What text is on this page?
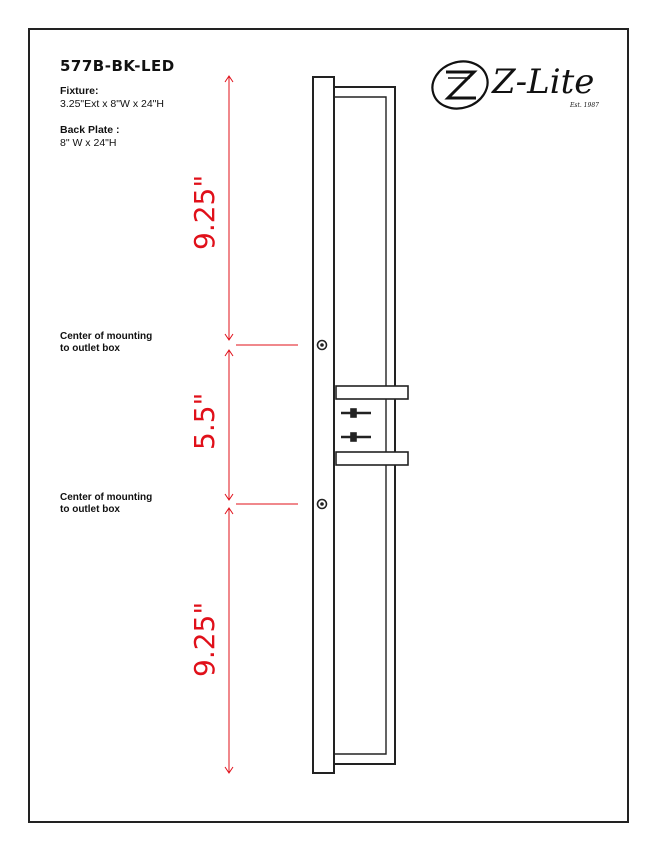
577B-BK-LED
Fixture:
3.25"Ext x 8"W x 24"H
Back Plate :
8" W x 24"H
Center of mounting
to outlet box
Center of mounting
to outlet box
Z-Lite
Est. 1987
9.25"
5.5"
9.25"
